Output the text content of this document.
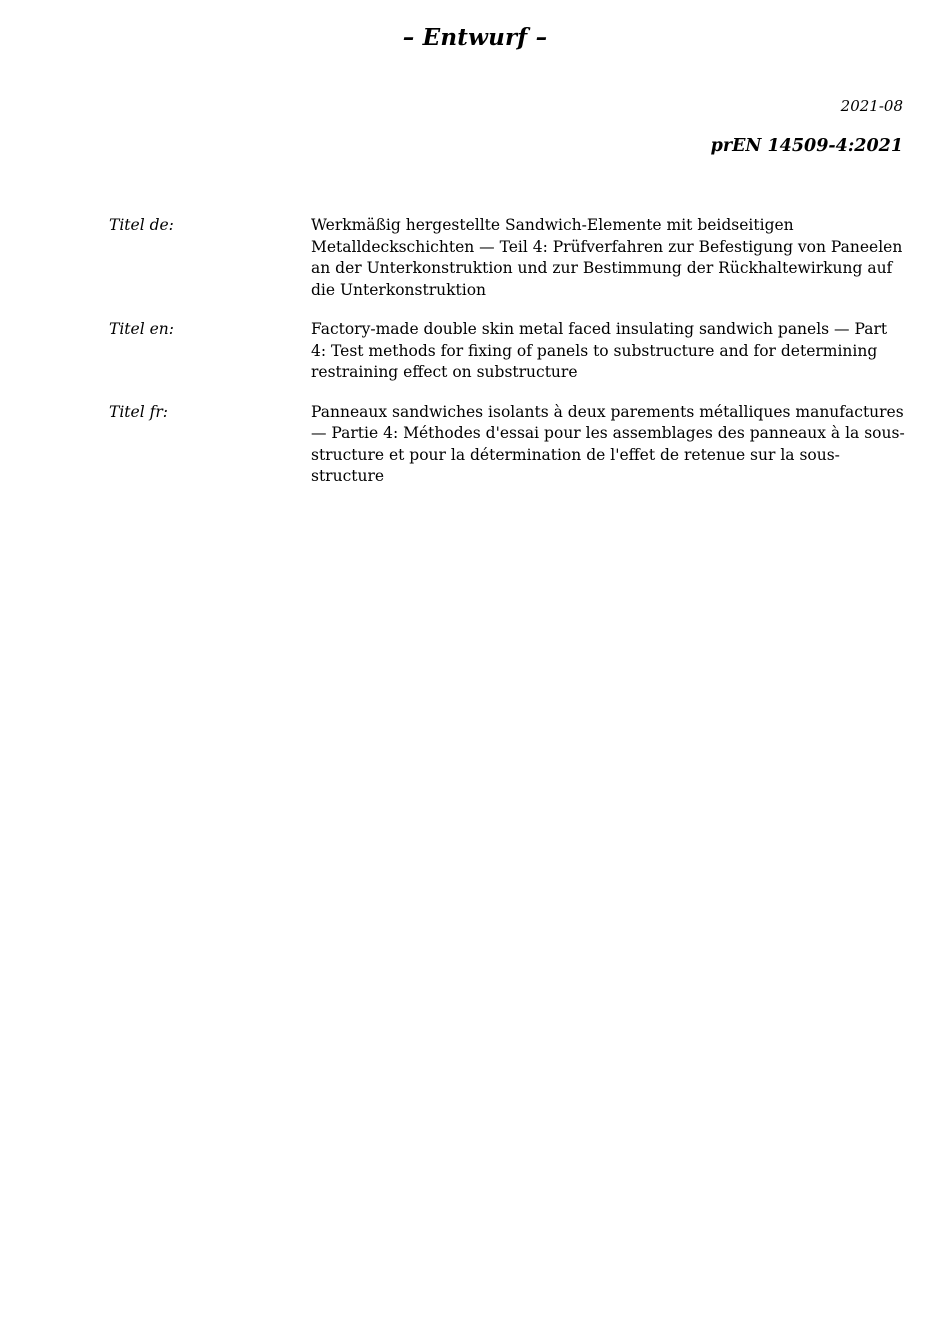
– Entwurf –
2021-08
prEN 14509-4:2021
Titel de:	Werkmäßig hergestellte Sandwich-Elemente mit beidseitigen Metalldeckschichten — Teil 4: Prüfverfahren zur Befestigung von Paneelen an der Unterkonstruktion und zur Bestimmung der Rückhaltewirkung auf die Unterkonstruktion
Titel en:	Factory-made double skin metal faced insulating sandwich panels — Part 4: Test methods for fixing of panels to substructure and for determining restraining effect on substructure
Titel fr:	Panneaux sandwiches isolants à deux parements métalliques manufactures — Partie 4: Méthodes d'essai pour les assemblages des panneaux à la sous-structure et pour la détermination de l'effet de retenue sur la sous-structure
